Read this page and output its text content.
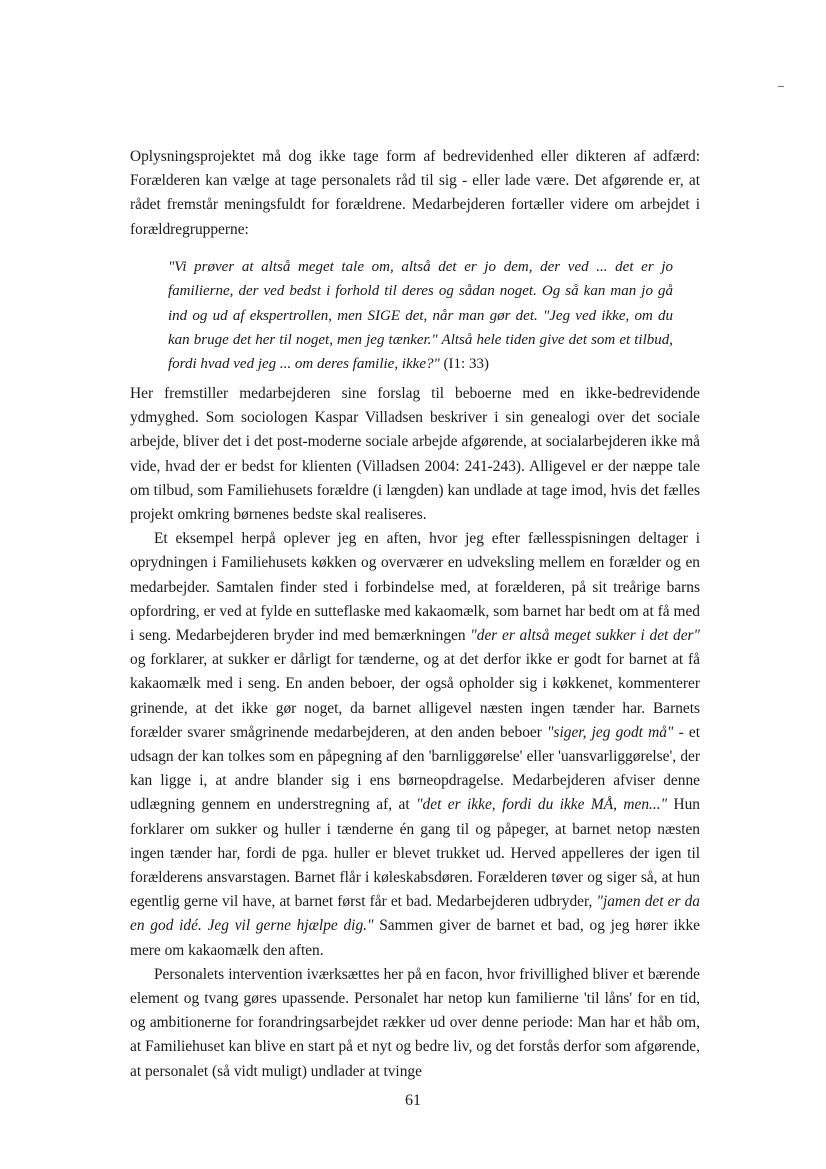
Oplysningsprojektet må dog ikke tage form af bedrevidenhed eller dikteren af adfærd: Forælderen kan vælge at tage personalets råd til sig - eller lade være. Det afgørende er, at rådet fremstår meningsfuldt for forældrene. Medarbejderen fortæller videre om arbejdet i forældregrupperne:

"Vi prøver at altså meget tale om, altså det er jo dem, der ved ... det er jo familierne, der ved bedst i forhold til deres og sådan noget. Og så kan man jo gå ind og ud af ekspertrollen, men SIGE det, når man gør det. "Jeg ved ikke, om du kan bruge det her til noget, men jeg tænker." Altså hele tiden give det som et tilbud, fordi hvad ved jeg ... om deres familie, ikke?" (I1: 33)

Her fremstiller medarbejderen sine forslag til beboerne med en ikke-bedrevidende ydmyghed. Som sociologen Kaspar Villadsen beskriver i sin genealogi over det sociale arbejde, bliver det i det post-moderne sociale arbejde afgørende, at socialarbejderen ikke må vide, hvad der er bedst for klienten (Villadsen 2004: 241-243). Alligevel er der næppe tale om tilbud, som Familiehusets forældre (i længden) kan undlade at tage imod, hvis det fælles projekt omkring børnenes bedste skal realiseres.

Et eksempel herpå oplever jeg en aften, hvor jeg efter fællesspisningen deltager i oprydningen i Familiehusets køkken og overværer en udveksling mellem en forælder og en medarbejder. Samtalen finder sted i forbindelse med, at forælderen, på sit treårige barns opfordring, er ved at fylde en sutteflaske med kakaomælk, som barnet har bedt om at få med i seng. Medarbejderen bryder ind med bemærkningen "der er altså meget sukker i det der" og forklarer, at sukker er dårligt for tænderne, og at det derfor ikke er godt for barnet at få kakaomælk med i seng. En anden beboer, der også opholder sig i køkkenet, kommenterer grinende, at det ikke gør noget, da barnet alligevel næsten ingen tænder har. Barnets forælder svarer smågrinende medarbejderen, at den anden beboer "siger, jeg godt må" - et udsagn der kan tolkes som en påpegning af den 'barnliggørelse' eller 'uansvarliggørelse', der kan ligge i, at andre blander sig i ens børneopdragelse. Medarbejderen afviser denne udlægning gennem en understregning af, at "det er ikke, fordi du ikke MÅ, men..." Hun forklarer om sukker og huller i tænderne én gang til og påpeger, at barnet netop næsten ingen tænder har, fordi de pga. huller er blevet trukket ud. Herved appelleres der igen til forælderens ansvarstagen. Barnet flår i køleskabsdøren. Forælderen tøver og siger så, at hun egentlig gerne vil have, at barnet først får et bad. Medarbejderen udbryder, "jamen det er da en god idé. Jeg vil gerne hjælpe dig." Sammen giver de barnet et bad, og jeg hører ikke mere om kakaomælk den aften.

Personalets intervention iværksættes her på en facon, hvor frivillighed bliver et bærende element og tvang gøres upassende. Personalet har netop kun familierne 'til låns' for en tid, og ambitionerne for forandringsarbejdet rækker ud over denne periode: Man har et håb om, at Familiehuset kan blive en start på et nyt og bedre liv, og det forstås derfor som afgørende, at personalet (så vidt muligt) undlader at tvinge

61
